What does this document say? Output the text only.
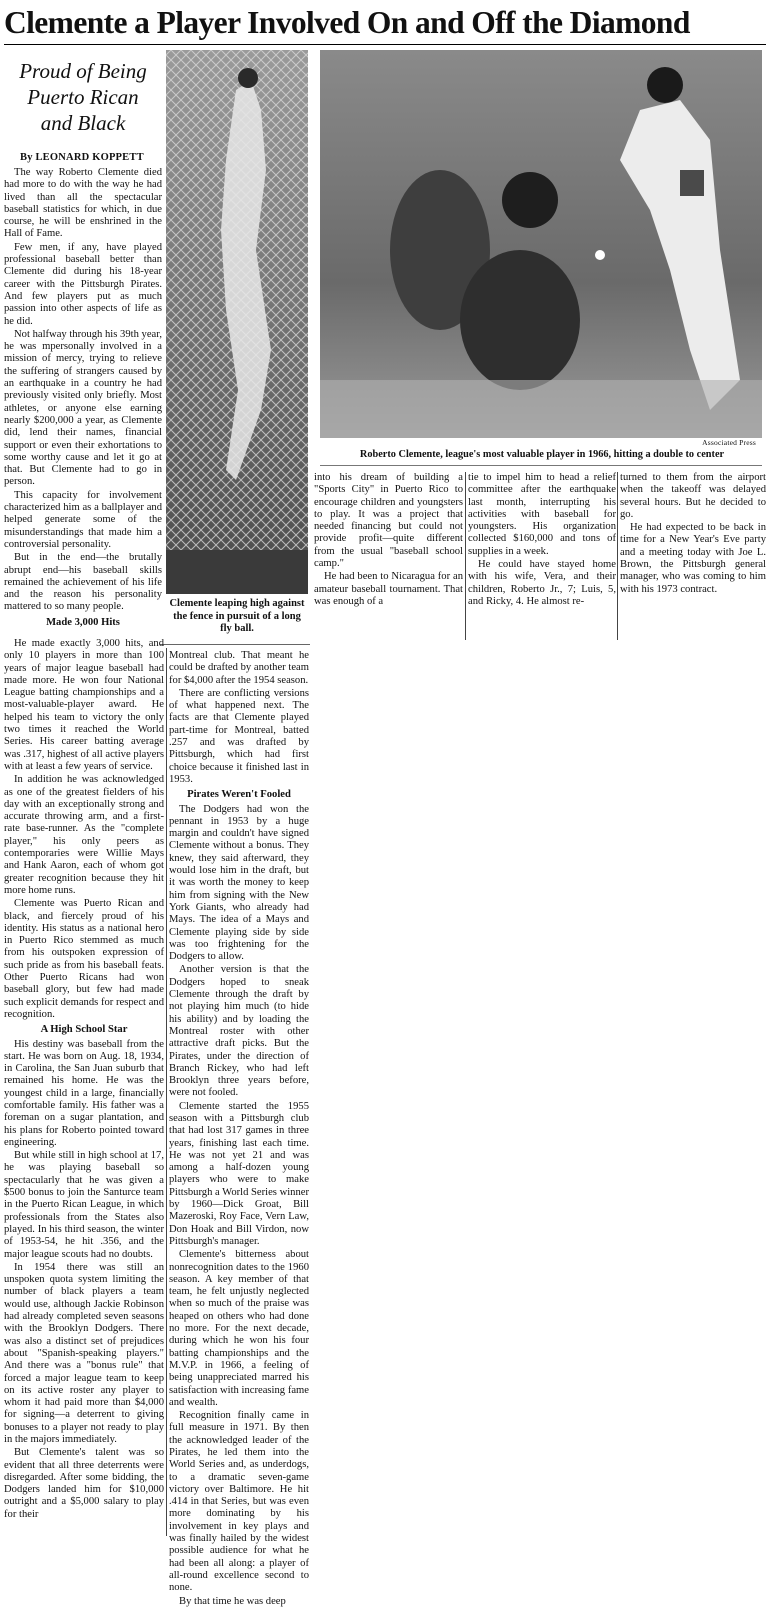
Clemente a Player Involved On and Off the Diamond
Proud of Being
Puerto Rican
and Black
By LEONARD KOPPETT

The way Roberto Clemente died had more to do with the way he had lived than all the spectacular baseball statistics for which, in due course, he will be enshrined in the Hall of Fame.

Few men, if any, have played professional baseball better than Clemente did during his 18-year career with the Pittsburgh Pirates. And few players put as much passion into other aspects of life as he did.

Not halfway through his 39th year, he was mpersonally involved in a mission of mercy, trying to relieve the suffering of strangers caused by an earthquake in a country he had previously visited only briefly. Most athletes, or anyone else earning nearly $200,000 a year, as Clemente did, lend their names, financial support or even their exhortations to some worthy cause and let it go at that. But Clemente had to go in person.

This capacity for involvement characterized him as a ballplayer and helped generate some of the misunderstandings that made him a controversial personality.

But in the end—the brutally abrupt end—his baseball skills remained the achievement of his life and the reason his personality mattered to so many people.

Made 3,000 Hits
Clemente leaping high against the fence in pursuit of a long fly ball.
Associated Press
Roberto Clemente, league's most valuable player in 1966, hitting a double to center

into his dream of building a "Sports City" in Puerto Rico to encourage children and youngsters to play. It was a project that needed financing but could not provide profit—quite different from the usual "baseball school camp."

He had been to Nicaragua for an amateur baseball tournament. That was enough of a

tie to impel him to head a relief committee after the earthquake last month, interrupting his activities with baseball for youngsters. His organization collected $160,000 and tons of supplies in a week.

He could have stayed home with his wife, Vera, and their children, Roberto Jr., 7; Luis, 5, and Ricky, 4. He almost re-

turned to them from the airport when the takeoff was delayed several hours. But he decided to go.

He had expected to be back in time for a New Year's Eve party and a meeting today with Joe L. Brown, the Pittsburgh general manager, who was coming to him with his 1973 contract.

He made exactly 3,000 hits, and only 10 players in more than 100 years of major league baseball had made more. He won four National League batting championships and a most-valuable-player award. He helped his team to victory the only two times it reached the World Series. His career batting average was .317, highest of all active players with at least a few years of service.

In addition he was acknowledged as one of the greatest fielders of his day with an exceptionally strong and accurate throwing arm, and a first-rate base-runner. As the "complete player," his only peers as contemporaries were Willie Mays and Hank Aaron, each of whom got greater recognition because they hit more home runs.

Clemente was Puerto Rican and black, and fiercely proud of his identity. His status as a national hero in Puerto Rico stemmed as much from his outspoken expression of such pride as from his baseball feats. Other Puerto Ricans had won baseball glory, but few had made such explicit demands for respect and recognition.

A High School Star

His destiny was baseball from the start. He was born on Aug. 18, 1934, in Carolina, the San Juan suburb that remained his home. He was the youngest child in a large, financially comfortable family. His father was a foreman on a sugar plantation, and his plans for Roberto pointed toward engineering.

But while still in high school at 17, he was playing baseball so spectacularly that he was given a $500 bonus to join the Santurce team in the Puerto Rican League, in which professionals from the States also played. In his third season, the winter of 1953-54, he hit .356, and the major league scouts had no doubts.

In 1954 there was still an unspoken quota system limiting the number of black players a team would use, although Jackie Robinson had already completed seven seasons with the Brooklyn Dodgers. There was also a distinct set of prejudices about "Spanish-speaking players." And there was a "bonus rule" that forced a major league team to keep on its active roster any player to whom it had paid more than $4,000 for signing—a deterrent to giving bonuses to a player not ready to play in the majors immediately.

But Clemente's talent was so evident that all three deterrents were disregarded. After some bidding, the Dodgers landed him for $10,000 outright and a $5,000 salary to play for their

Montreal club. That meant he could be drafted by another team for $4,000 after the 1954 season.

There are conflicting versions of what happened next. The facts are that Clemente played part-time for Montreal, batted .257 and was drafted by Pittsburgh, which had first choice because it finished last in 1953.

Pirates Weren't Fooled

The Dodgers had won the pennant in 1953 by a huge margin and couldn't have signed Clemente without a bonus. They knew, they said afterward, they would lose him in the draft, but it was worth the money to keep him from signing with the New York Giants, who already had Mays. The idea of a Mays and Clemente playing side by side was too frightening for the Dodgers to allow.

Another version is that the Dodgers hoped to sneak Clemente through the draft by not playing him much (to hide his ability) and by loading the Montreal roster with other attractive draft picks. But the Pirates, under the direction of Branch Rickey, who had left Brooklyn three years before, were not fooled.

Clemente started the 1955 season with a Pittsburgh club that had lost 317 games in three years, finishing last each time. He was not yet 21 and was among a half-dozen young players who were to make Pittsburgh a World Series winner by 1960—Dick Groat, Bill Mazeroski, Roy Face, Vern Law, Don Hoak and Bill Virdon, now Pittsburgh's manager.

Clemente's bitterness about nonrecognition dates to the 1960 season. A key member of that team, he felt unjustly neglected when so much of the praise was heaped on others who had done no more. For the next decade, during which he won his four batting championships and the M.V.P. in 1966, a feeling of being unappreciated marred his satisfaction with increasing fame and wealth.

Recognition finally came in full measure in 1971. By then the acknowledged leader of the Pirates, he led them into the World Series and, as underdogs, to a dramatic seven-game victory over Baltimore. He hit .414 in that Series, but was even more dominating by his involvement in key plays and was finally hailed by the widest possible audience for what he had been all along: a player of all-round excellence second to none.

By that time he was deep
